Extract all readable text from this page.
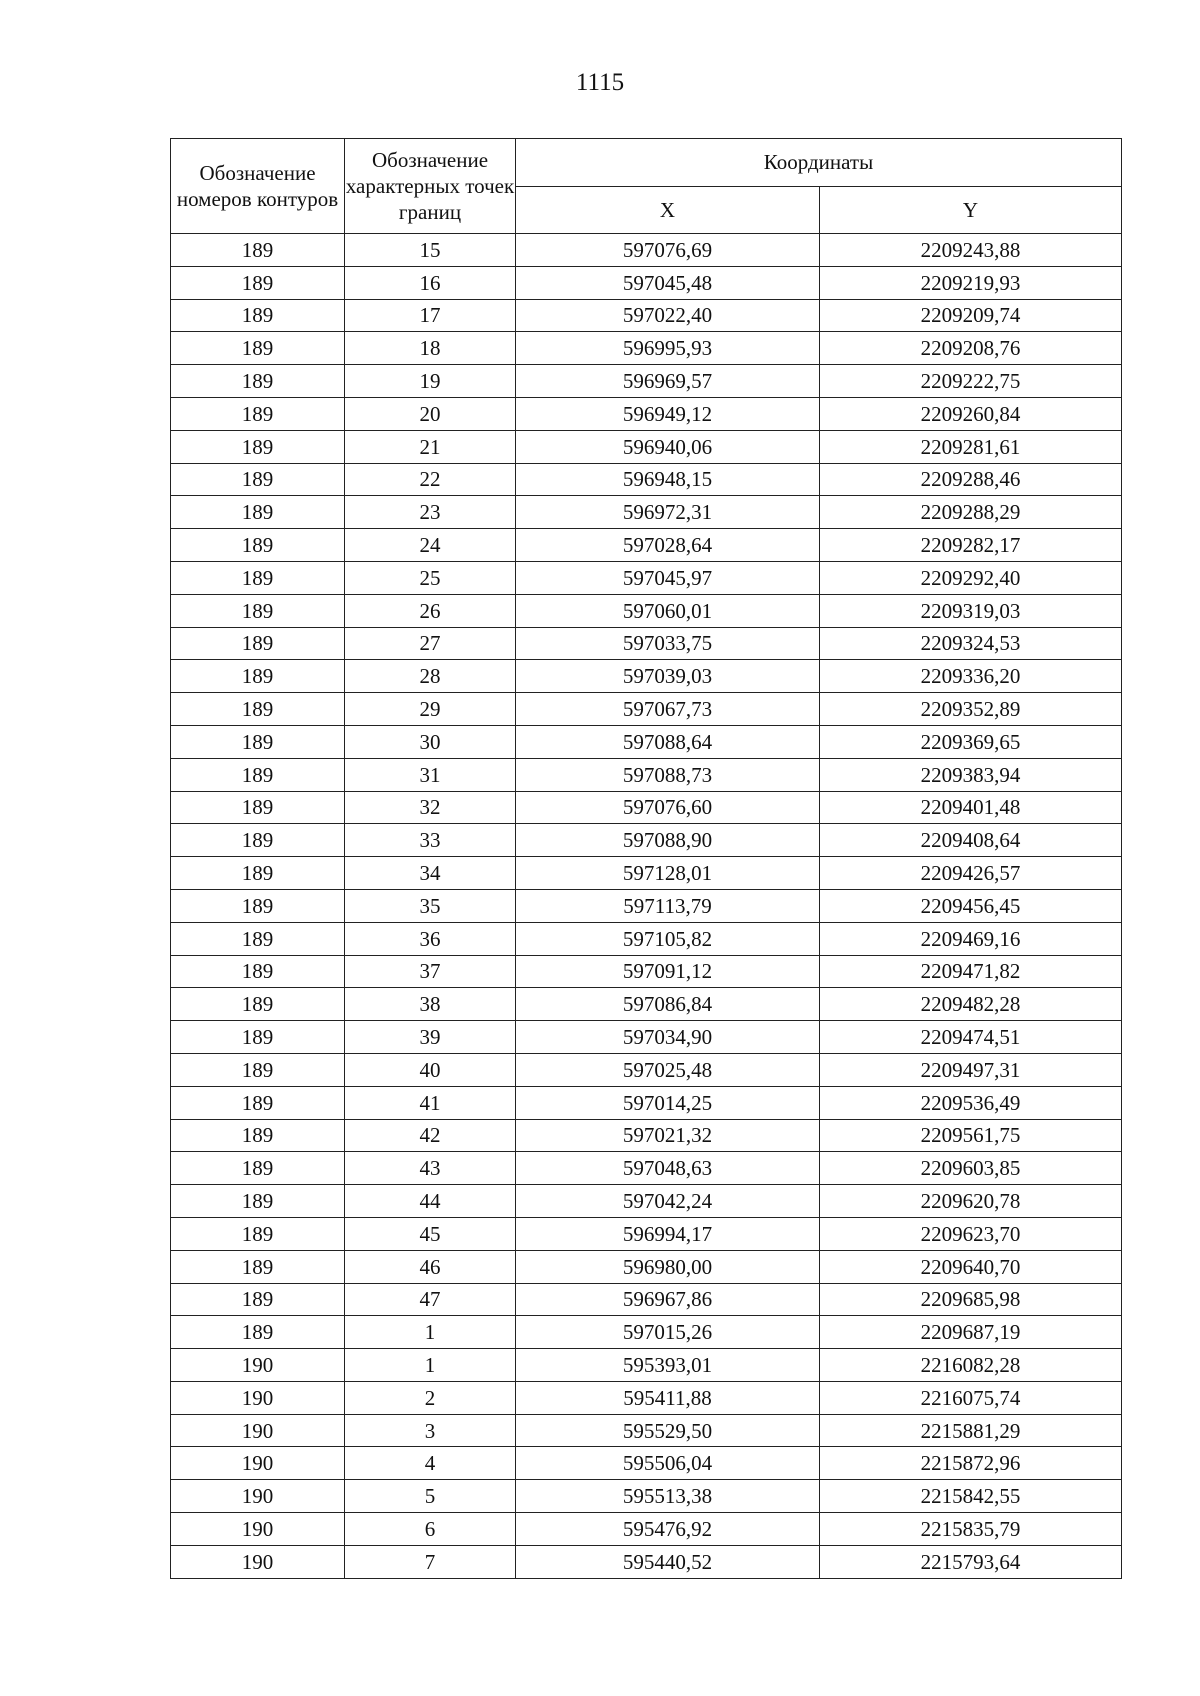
1115
Обозначение номеров контуров	Обозначение характерных точек границ	Координаты	
		X	Y
189	15	597076,69	2209243,88
189	16	597045,48	2209219,93
189	17	597022,40	2209209,74
189	18	596995,93	2209208,76
189	19	596969,57	2209222,75
189	20	596949,12	2209260,84
189	21	596940,06	2209281,61
189	22	596948,15	2209288,46
189	23	596972,31	2209288,29
189	24	597028,64	2209282,17
189	25	597045,97	2209292,40
189	26	597060,01	2209319,03
189	27	597033,75	2209324,53
189	28	597039,03	2209336,20
189	29	597067,73	2209352,89
189	30	597088,64	2209369,65
189	31	597088,73	2209383,94
189	32	597076,60	2209401,48
189	33	597088,90	2209408,64
189	34	597128,01	2209426,57
189	35	597113,79	2209456,45
189	36	597105,82	2209469,16
189	37	597091,12	2209471,82
189	38	597086,84	2209482,28
189	39	597034,90	2209474,51
189	40	597025,48	2209497,31
189	41	597014,25	2209536,49
189	42	597021,32	2209561,75
189	43	597048,63	2209603,85
189	44	597042,24	2209620,78
189	45	596994,17	2209623,70
189	46	596980,00	2209640,70
189	47	596967,86	2209685,98
189	1	597015,26	2209687,19
190	1	595393,01	2216082,28
190	2	595411,88	2216075,74
190	3	595529,50	2215881,29
190	4	595506,04	2215872,96
190	5	595513,38	2215842,55
190	6	595476,92	2215835,79
190	7	595440,52	2215793,64
